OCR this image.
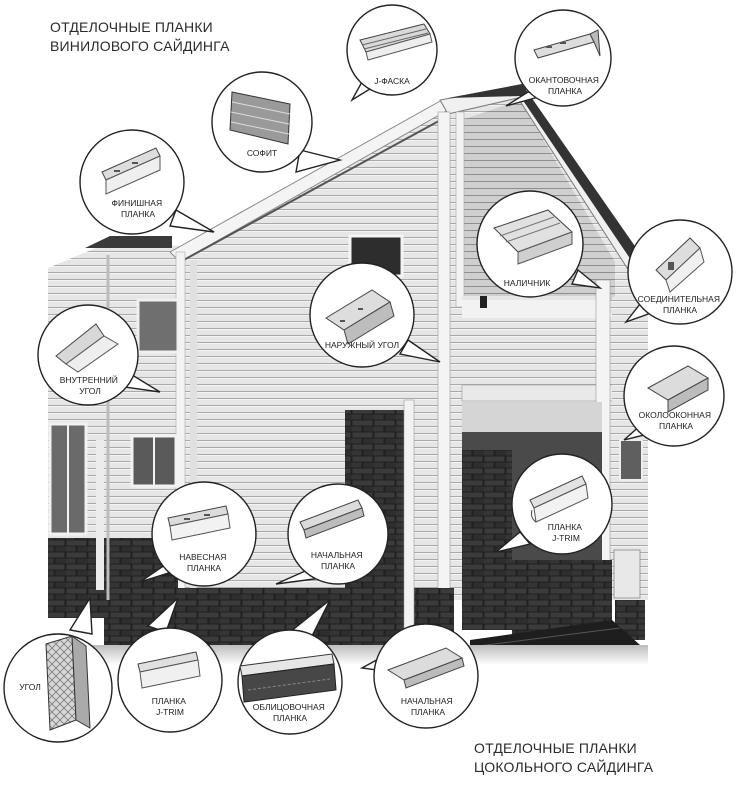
ОТДЕЛОЧНЫЕ ПЛАНКИ
ВИНИЛОВОГО САЙДИНГА
ОТДЕЛОЧНЫЕ ПЛАНКИ
ЦОКОЛЬНОГО САЙДИНГА
J-ФАСКА	ОКАНТОВОЧНАЯ ПЛАНКА
СОФИТ
ФИНИШНАЯ ПЛАНКА
НАЛИЧНИК
СОЕДИНИТЕЛЬНАЯ ПЛАНКА
НАРУЖНЫЙ УГОЛ
ВНУТРЕННИЙ УГОЛ
ОКОЛООКОННАЯ ПЛАНКА
ПЛАНКА J-TRIM
НАВЕСНАЯ ПЛАНКА
НАЧАЛЬНАЯ ПЛАНКА
УГОЛ
ПЛАНКА J-TRIM	ОБЛИЦОВОЧНАЯ ПЛАНКА
НАЧАЛЬНАЯ ПЛАНКА
